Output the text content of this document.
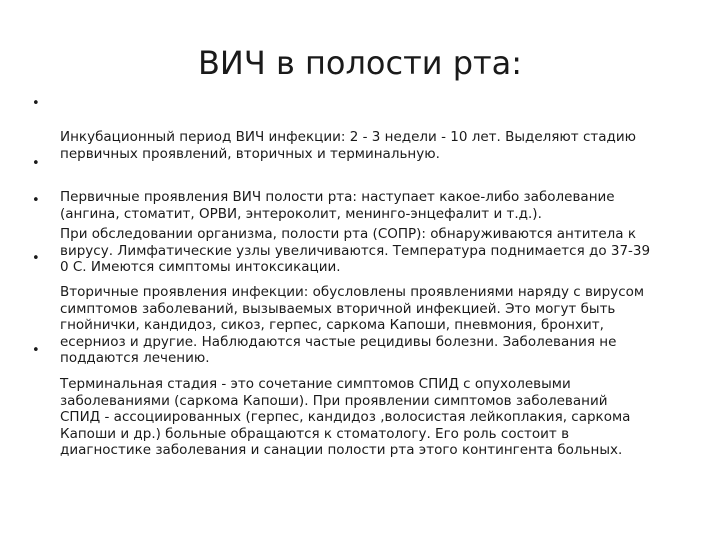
ВИЧ в полости рта:

•

Инкубационный период ВИЧ инфекции: 2 - 3 недели - 10 лет. Выделяют стадию
первичных проявлений, вторичных и терминальную.

•

Первичные проявления ВИЧ полости рта: наступает какое-либо заболевание
(ангина, стоматит, ОРВИ, энтероколит, менинго-энцефалит и т.д.).

•

При обследовании организма, полости рта (СОПР): обнаруживаются антитела к
вирусу. Лимфатические узлы увеличиваются. Температура поднимается до 37-39
0 С. Имеются симптомы интоксикации.

•

Вторичные проявления инфекции: обусловлены проявлениями наряду с вирусом
симптомов заболеваний, вызываемых вторичной инфекцией. Это могут быть
гнойнички, кандидоз, сикоз, герпес, саркома Капоши, пневмония, бронхит,
есерниоз и другие. Наблюдаются частые рецидивы болезни. Заболевания не
поддаются лечению.

•

Терминальная стадия - это сочетание симптомов СПИД с опухолевыми
заболеваниями (саркома Капоши). При проявлении симптомов заболеваний
СПИД - ассоциированных (герпес, кандидоз ,волосистая лейкоплакия, саркома
Капоши и др.) больные обращаются к стоматологу. Его роль состоит в
диагностике заболевания и санации полости рта этого контингента больных.
